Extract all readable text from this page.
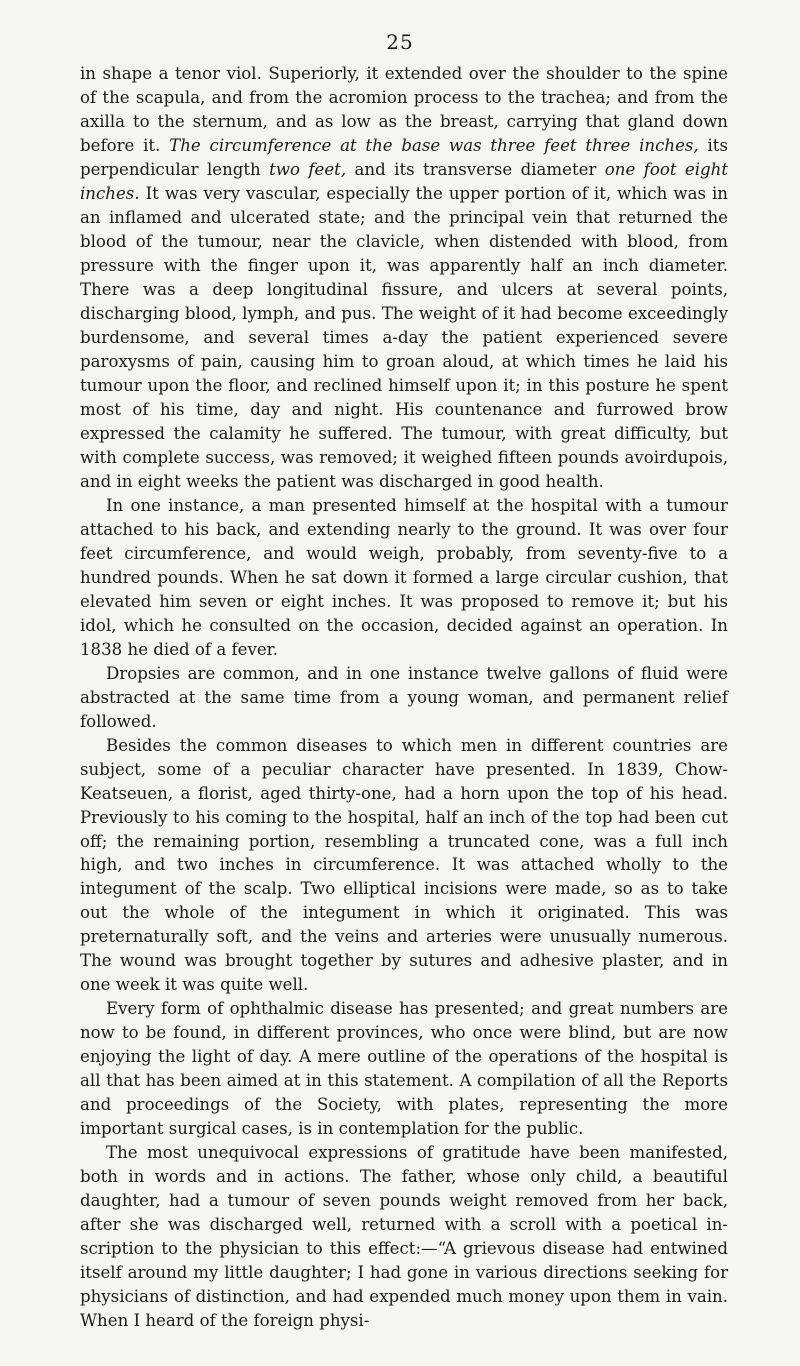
25

in shape a tenor viol. Superiorly, it extended over the shoulder to the spine of the scapula, and from the acromion process to the trachea; and from the axilla to the sternum, and as low as the breast, carrying that gland down before it. The circumference at the base was three feet three inches, its perpendicular length two feet, and its transverse diameter one foot eight inches. It was very vascular, especially the upper portion of it, which was in an inflamed and ulcerated state; and the principal vein that returned the blood of the tumour, near the clavicle, when distended with blood, from pressure with the finger upon it, was apparently half an inch diameter. There was a deep longitudinal fissure, and ulcers at several points, discharging blood, lymph, and pus. The weight of it had become exceedingly burdensome, and several times a-day the patient experienced severe paroxysms of pain, causing him to groan aloud, at which times he laid his tumour upon the floor, and reclined himself upon it; in this posture he spent most of his time, day and night. His countenance and furrowed brow expressed the calamity he suffered. The tumour, with great difficulty, but with complete success, was removed; it weighed fifteen pounds avoirdupois, and in eight weeks the patient was discharged in good health.

In one instance, a man presented himself at the hospital with a tumour attached to his back, and extending nearly to the ground. It was over four feet circumference, and would weigh, probably, from seventy-five to a hundred pounds. When he sat down it formed a large circular cushion, that elevated him seven or eight inches. It was proposed to remove it; but his idol, which he consulted on the occasion, decided against an operation. In 1838 he died of a fever.

Dropsies are common, and in one instance twelve gallons of fluid were abstracted at the same time from a young woman, and permanent relief followed.

Besides the common diseases to which men in different countries are subject, some of a peculiar character have presented. In 1839, Chow-Keatseuen, a florist, aged thirty-one, had a horn upon the top of his head. Previously to his coming to the hospital, half an inch of the top had been cut off; the remaining portion, resembling a truncated cone, was a full inch high, and two inches in circumference. It was attached wholly to the integument of the scalp. Two elliptical incisions were made, so as to take out the whole of the integument in which it originated. This was preternaturally soft, and the veins and arteries were unusually numerous. The wound was brought together by sutures and adhesive plaster, and in one week it was quite well.

Every form of ophthalmic disease has presented; and great numbers are now to be found, in different provinces, who once were blind, but are now enjoying the light of day. A mere outline of the operations of the hospital is all that has been aimed at in this statement. A compilation of all the Reports and proceedings of the Society, with plates, representing the more important surgical cases, is in contemplation for the public.

The most unequivocal expressions of gratitude have been manifested, both in words and in actions. The father, whose only child, a beautiful daughter, had a tumour of seven pounds weight removed from her back, after she was discharged well, returned with a scroll with a poetical inscription to the physician to this effect:—“A grievous disease had entwined itself around my little daughter; I had gone in various directions seeking for physicians of distinction, and had expended much money upon them in vain. When I heard of the foreign physi-
